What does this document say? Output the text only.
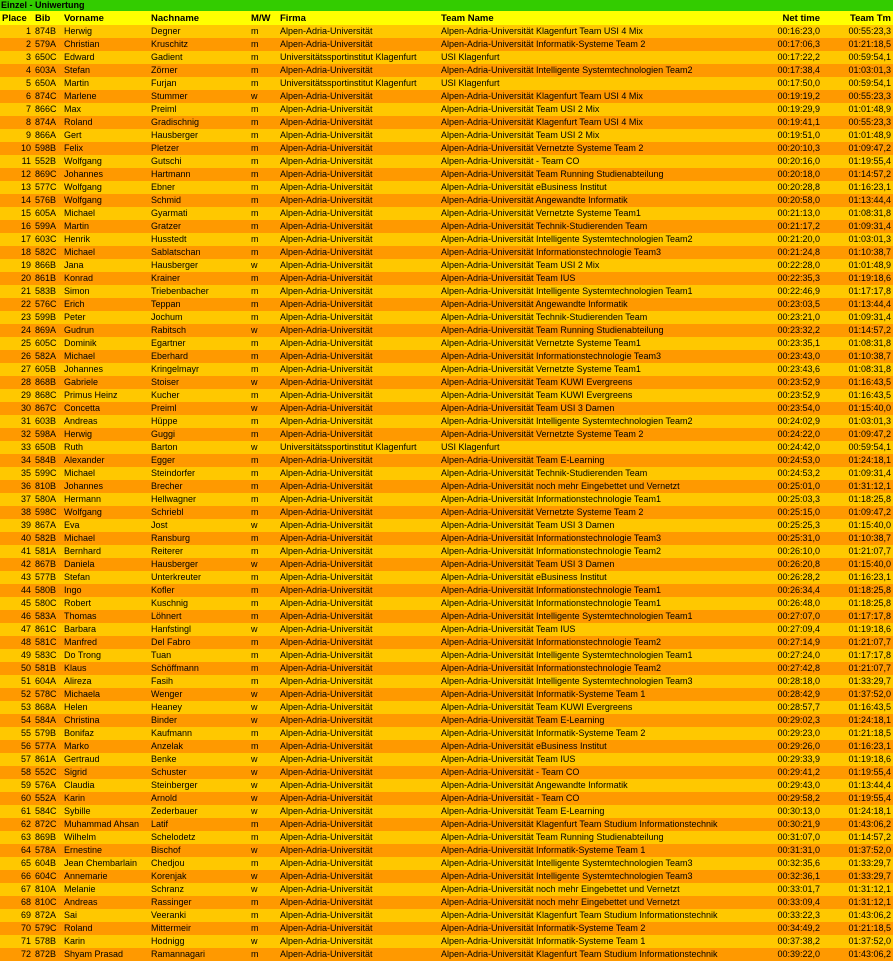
Einzel - Uniwertung
Place	Bib	Vorname	Nachname	M/W	Firma	Team Name	Net time	Team Tm
1	874B	Herwig	Degner	m	Alpen-Adria-Universität	Alpen-Adria-Universität Klagenfurt Team USI 4 Mix	00:16:23,0	00:55:23,3
2	579A	Christian	Kruschitz	m	Alpen-Adria-Universität	Alpen-Adria-Universität Informatik-Systeme Team 2	00:17:06,3	01:21:18,5
3	650C	Edward	Gadient	m	Universitätssportinstitut Klagenfurt	USI Klagenfurt	00:17:22,2	00:59:54,1
4	603A	Stefan	Zörner	m	Alpen-Adria-Universität	Alpen-Adria-Universität Intelligente Systemtechnologien Team2	00:17:38,4	01:03:01,3
5	650A	Martin	Furjan	m	Universitätssportinstitut Klagenfurt	USI Klagenfurt	00:17:50,0	00:59:54,1
6	874C	Marlene	Stummer	w	Alpen-Adria-Universität	Alpen-Adria-Universität Klagenfurt Team USI 4 Mix	00:19:19,2	00:55:23,3
7	866C	Max	Preiml	m	Alpen-Adria-Universität	Alpen-Adria-Universität Team USI 2 Mix	00:19:29,9	01:01:48,9
8	874A	Roland	Gradischnig	m	Alpen-Adria-Universität	Alpen-Adria-Universität Klagenfurt Team USI 4 Mix	00:19:41,1	00:55:23,3
9	866A	Gert	Hausberger	m	Alpen-Adria-Universität	Alpen-Adria-Universität Team USI 2 Mix	00:19:51,0	01:01:48,9
10	598B	Felix	Pletzer	m	Alpen-Adria-Universität	Alpen-Adria-Universität Vernetzte Systeme Team 2	00:20:10,3	01:09:47,2
11	552B	Wolfgang	Gutschi	m	Alpen-Adria-Universität	Alpen-Adria-Universität - Team CO	00:20:16,0	01:19:55,4
12	869C	Johannes	Hartmann	m	Alpen-Adria-Universität	Alpen-Adria-Universität Team Running Studienabteilung	00:20:18,0	01:14:57,2
13	577C	Wolfgang	Ebner	m	Alpen-Adria-Universität	Alpen-Adria-Universität eBusiness Institut	00:20:28,8	01:16:23,1
14	576B	Wolfgang	Schmid	m	Alpen-Adria-Universität	Alpen-Adria-Universität Angewandte Informatik	00:20:58,0	01:13:44,4
15	605A	Michael	Gyarmati	m	Alpen-Adria-Universität	Alpen-Adria-Universität Vernetzte Systeme Team1	00:21:13,0	01:08:31,8
16	599A	Martin	Gratzer	m	Alpen-Adria-Universität	Alpen-Adria-Universität Technik-Studierenden Team	00:21:17,2	01:09:31,4
17	603C	Henrik	Husstedt	m	Alpen-Adria-Universität	Alpen-Adria-Universität Intelligente Systemtechnologien Team2	00:21:20,0	01:03:01,3
18	582C	Michael	Sablatschan	m	Alpen-Adria-Universität	Alpen-Adria-Universität Informationstechnologie Team3	00:21:24,8	01:10:38,7
19	866B	Jana	Hausberger	w	Alpen-Adria-Universität	Alpen-Adria-Universität Team USI 2 Mix	00:22:28,0	01:01:48,9
20	861B	Konrad	Krainer	m	Alpen-Adria-Universität	Alpen-Adria-Universität Team IUS	00:22:35,3	01:19:18,6
21	583B	Simon	Triebenbacher	m	Alpen-Adria-Universität	Alpen-Adria-Universität Intelligente Systemtechnologien Team1	00:22:46,9	01:17:17,8
22	576C	Erich	Teppan	m	Alpen-Adria-Universität	Alpen-Adria-Universität Angewandte Informatik	00:23:03,5	01:13:44,4
23	599B	Peter	Jochum	m	Alpen-Adria-Universität	Alpen-Adria-Universität Technik-Studierenden Team	00:23:21,0	01:09:31,4
24	869A	Gudrun	Rabitsch	w	Alpen-Adria-Universität	Alpen-Adria-Universität Team Running Studienabteilung	00:23:32,2	01:14:57,2
25	605C	Dominik	Egartner	m	Alpen-Adria-Universität	Alpen-Adria-Universität Vernetzte Systeme Team1	00:23:35,1	01:08:31,8
26	582A	Michael	Eberhard	m	Alpen-Adria-Universität	Alpen-Adria-Universität Informationstechnologie Team3	00:23:43,0	01:10:38,7
27	605B	Johannes	Kringelmayr	m	Alpen-Adria-Universität	Alpen-Adria-Universität Vernetzte Systeme Team1	00:23:43,6	01:08:31,8
28	868B	Gabriele	Stoiser	w	Alpen-Adria-Universität	Alpen-Adria-Universität Team KUWI Evergreens	00:23:52,9	01:16:43,5
29	868C	Primus Heinz	Kucher	m	Alpen-Adria-Universität	Alpen-Adria-Universität Team KUWI Evergreens	00:23:52,9	01:16:43,5
30	867C	Concetta	Preiml	w	Alpen-Adria-Universität	Alpen-Adria-Universität Team USI 3 Damen	00:23:54,0	01:15:40,0
31	603B	Andreas	Hüppe	m	Alpen-Adria-Universität	Alpen-Adria-Universität Intelligente Systemtechnologien Team2	00:24:02,9	01:03:01,3
32	598A	Herwig	Guggi	m	Alpen-Adria-Universität	Alpen-Adria-Universität Vernetzte Systeme Team 2	00:24:22,0	01:09:47,2
33	650B	Ruth	Barton	w	Universitätssportinstitut Klagenfurt	USI Klagenfurt	00:24:42,0	00:59:54,1
34	584B	Alexander	Egger	m	Alpen-Adria-Universität	Alpen-Adria-Universität Team E-Learning	00:24:53,0	01:24:18,1
35	599C	Michael	Steindorfer	m	Alpen-Adria-Universität	Alpen-Adria-Universität Technik-Studierenden Team	00:24:53,2	01:09:31,4
36	810B	Johannes	Brecher	m	Alpen-Adria-Universität	Alpen-Adria-Universität noch mehr Eingebettet und Vernetzt	00:25:01,0	01:31:12,1
37	580A	Hermann	Hellwagner	m	Alpen-Adria-Universität	Alpen-Adria-Universität Informationstechnologie Team1	00:25:03,3	01:18:25,8
38	598C	Wolfgang	Schriebl	m	Alpen-Adria-Universität	Alpen-Adria-Universität Vernetzte Systeme Team 2	00:25:15,0	01:09:47,2
39	867A	Eva	Jost	w	Alpen-Adria-Universität	Alpen-Adria-Universität Team USI 3 Damen	00:25:25,3	01:15:40,0
40	582B	Michael	Ransburg	m	Alpen-Adria-Universität	Alpen-Adria-Universität Informationstechnologie Team3	00:25:31,0	01:10:38,7
41	581A	Bernhard	Reiterer	m	Alpen-Adria-Universität	Alpen-Adria-Universität Informationstechnologie Team2	00:26:10,0	01:21:07,7
42	867B	Daniela	Hausberger	w	Alpen-Adria-Universität	Alpen-Adria-Universität Team USI 3 Damen	00:26:20,8	01:15:40,0
43	577B	Stefan	Unterkreuter	m	Alpen-Adria-Universität	Alpen-Adria-Universität eBusiness Institut	00:26:28,2	01:16:23,1
44	580B	Ingo	Kofler	m	Alpen-Adria-Universität	Alpen-Adria-Universität Informationstechnologie Team1	00:26:34,4	01:18:25,8
45	580C	Robert	Kuschnig	m	Alpen-Adria-Universität	Alpen-Adria-Universität Informationstechnologie Team1	00:26:48,0	01:18:25,8
46	583A	Thomas	Löhnert	m	Alpen-Adria-Universität	Alpen-Adria-Universität Intelligente Systemtechnologien Team1	00:27:07,0	01:17:17,8
47	861C	Barbara	Hanfstingl	w	Alpen-Adria-Universität	Alpen-Adria-Universität Team IUS	00:27:09,4	01:19:18,6
48	581C	Manfred	Del Fabro	m	Alpen-Adria-Universität	Alpen-Adria-Universität Informationstechnologie Team2	00:27:14,9	01:21:07,7
49	583C	Do Trong	Tuan	m	Alpen-Adria-Universität	Alpen-Adria-Universität Intelligente Systemtechnologien Team1	00:27:24,0	01:17:17,8
50	581B	Klaus	Schöffmann	m	Alpen-Adria-Universität	Alpen-Adria-Universität Informationstechnologie Team2	00:27:42,8	01:21:07,7
51	604A	Alireza	Fasih	m	Alpen-Adria-Universität	Alpen-Adria-Universität Intelligente Systemtechnologien Team3	00:28:18,0	01:33:29,7
52	578C	Michaela	Wenger	w	Alpen-Adria-Universität	Alpen-Adria-Universität Informatik-Systeme Team 1	00:28:42,9	01:37:52,0
53	868A	Helen	Heaney	w	Alpen-Adria-Universität	Alpen-Adria-Universität Team KUWI Evergreens	00:28:57,7	01:16:43,5
54	584A	Christina	Binder	w	Alpen-Adria-Universität	Alpen-Adria-Universität Team E-Learning	00:29:02,3	01:24:18,1
55	579B	Bonifaz	Kaufmann	m	Alpen-Adria-Universität	Alpen-Adria-Universität Informatik-Systeme Team 2	00:29:23,0	01:21:18,5
56	577A	Marko	Anzelak	m	Alpen-Adria-Universität	Alpen-Adria-Universität eBusiness Institut	00:29:26,0	01:16:23,1
57	861A	Gertraud	Benke	w	Alpen-Adria-Universität	Alpen-Adria-Universität Team IUS	00:29:33,9	01:19:18,6
58	552C	Sigrid	Schuster	w	Alpen-Adria-Universität	Alpen-Adria-Universität - Team CO	00:29:41,2	01:19:55,4
59	576A	Claudia	Steinberger	w	Alpen-Adria-Universität	Alpen-Adria-Universität Angewandte Informatik	00:29:43,0	01:13:44,4
60	552A	Karin	Arnold	w	Alpen-Adria-Universität	Alpen-Adria-Universität - Team CO	00:29:58,2	01:19:55,4
61	584C	Sybille	Zederbauer	w	Alpen-Adria-Universität	Alpen-Adria-Universität Team E-Learning	00:30:13,0	01:24:18,1
62	872C	Muhammad Ahsan	Latif	m	Alpen-Adria-Universität	Alpen-Adria-Universität Klagenfurt Team Studium Informationstechnik	00:30:21,9	01:43:06,2
63	869B	Wilhelm	Schelodetz	m	Alpen-Adria-Universität	Alpen-Adria-Universität Team Running Studienabteilung	00:31:07,0	01:14:57,2
64	578A	Ernestine	Bischof	w	Alpen-Adria-Universität	Alpen-Adria-Universität Informatik-Systeme Team 1	00:31:31,0	01:37:52,0
65	604B	Jean Chembarlain	Chedjou	m	Alpen-Adria-Universität	Alpen-Adria-Universität Intelligente Systemtechnologien Team3	00:32:35,6	01:33:29,7
66	604C	Annemarie	Korenjak	w	Alpen-Adria-Universität	Alpen-Adria-Universität Intelligente Systemtechnologien Team3	00:32:36,1	01:33:29,7
67	810A	Melanie	Schranz	w	Alpen-Adria-Universität	Alpen-Adria-Universität noch mehr Eingebettet und Vernetzt	00:33:01,7	01:31:12,1
68	810C	Andreas	Rassinger	m	Alpen-Adria-Universität	Alpen-Adria-Universität noch mehr Eingebettet und Vernetzt	00:33:09,4	01:31:12,1
69	872A	Sai	Veeranki	m	Alpen-Adria-Universität	Alpen-Adria-Universität Klagenfurt Team Studium Informationstechnik	00:33:22,3	01:43:06,2
70	579C	Roland	Mittermeir	m	Alpen-Adria-Universität	Alpen-Adria-Universität Informatik-Systeme Team 2	00:34:49,2	01:21:18,5
71	578B	Karin	Hodnigg	w	Alpen-Adria-Universität	Alpen-Adria-Universität Informatik-Systeme Team 1	00:37:38,2	01:37:52,0
72	872B	Shyam Prasad	Ramannagari	m	Alpen-Adria-Universität	Alpen-Adria-Universität Klagenfurt Team Studium Informationstechnik	00:39:22,0	01:43:06,2
